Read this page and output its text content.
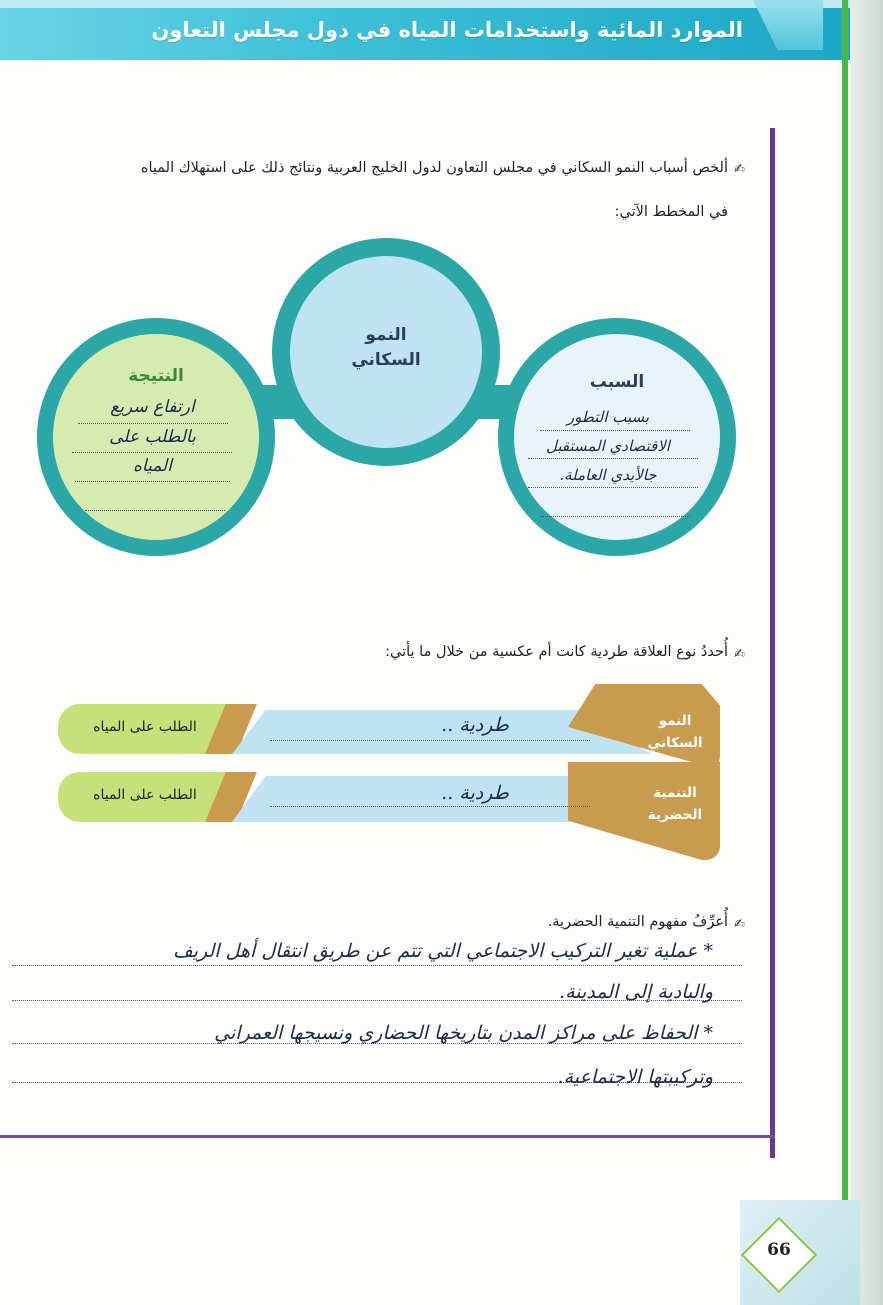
الموارد المائية واستخدامات المياه في دول مجلس التعاون
✍
ألخص أسباب النمو السكاني في مجلس التعاون لدول الخليج العربية ونتائج ذلك على استهلاك المياه
في المخطط الآتي:
النمو
السكاني
النتيجة
ارتفاع سريع
بالطلب على
المياه
السبب
بسبب التطور
الاقتصادي المستقبل
جالأيدي العاملة.
✍
أُحددُ نوع العلاقة طردية كانت أم عكسية من خلال ما يأتي:
النمو
السكاني
الطلب على المياه	طردية ..
التنمية
الحضرية
الطلب على المياه	طردية ..
✍
أُعرِّفُ مفهوم التنمية الحضرية.
* عملية تغير التركيب الاجتماعي التي تتم عن طريق انتقال أهل الريف
والبادية إلى المدينة.
* الحفاظ على مراكز المدن بتاريخها الحضاري ونسيجها العمراني
وتركيبتها الاجتماعية.
66
